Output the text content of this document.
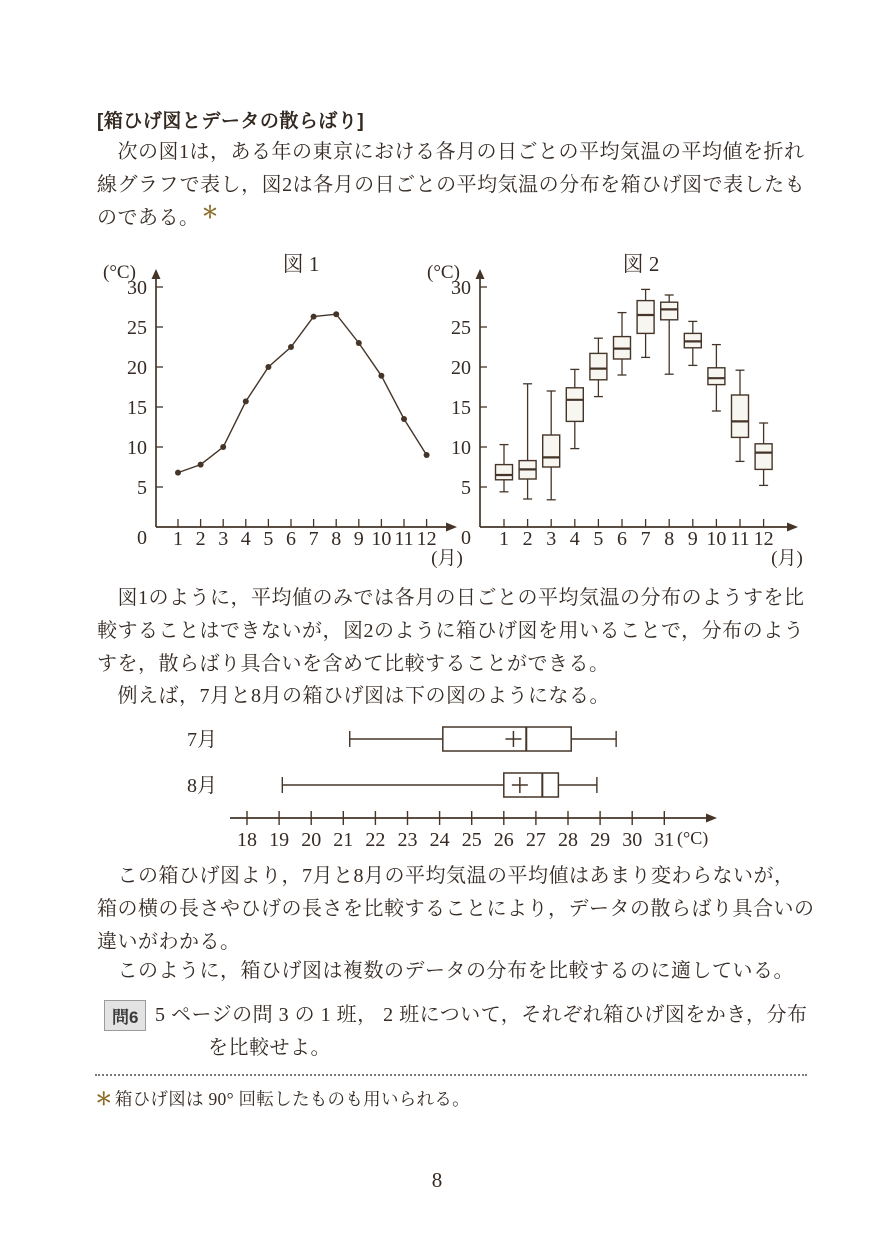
[箱ひげ図とデータの散らばり]
　次の図1は，ある年の東京における各月の日ごとの平均気温の平均値を折れ
線グラフで表し，図2は各月の日ごとの平均気温の分布を箱ひげ図で表したも
のである。 ＊
図 1
(°C)
0
5
10
15
20
25
30
1 2 3 4 5 6 7 8 9 10 11 12
(月)
図 2
(°C)
0
5
10
15
20
25
30
1 2 3 4 5 6 7 8 9 10 11 12
(月)
　図1のように，平均値のみでは各月の日ごとの平均気温の分布のようすを比
較することはできないが，図2のように箱ひげ図を用いることで，分布のよう
すを，散らばり具合いを含めて比較することができる。
　例えば，7月と8月の箱ひげ図は下の図のようになる。
18 19 20 21 22 23 24 25 26 27 28 29 30 31 (°C)
7月
8月
　この箱ひげ図より，7月と8月の平均気温の平均値はあまり変わらないが，
箱の横の長さやひげの長さを比較することにより，データの散らばり具合いの
違いがわかる。
　このように，箱ひげ図は複数のデータの分布を比較するのに適している。
問6 5 ページの問 3 の 1 班， 2 班について，それぞれ箱ひげ図をかき，分布
を比較せよ。
＊ 箱ひげ図は 90° 回転したものも用いられる。
8
